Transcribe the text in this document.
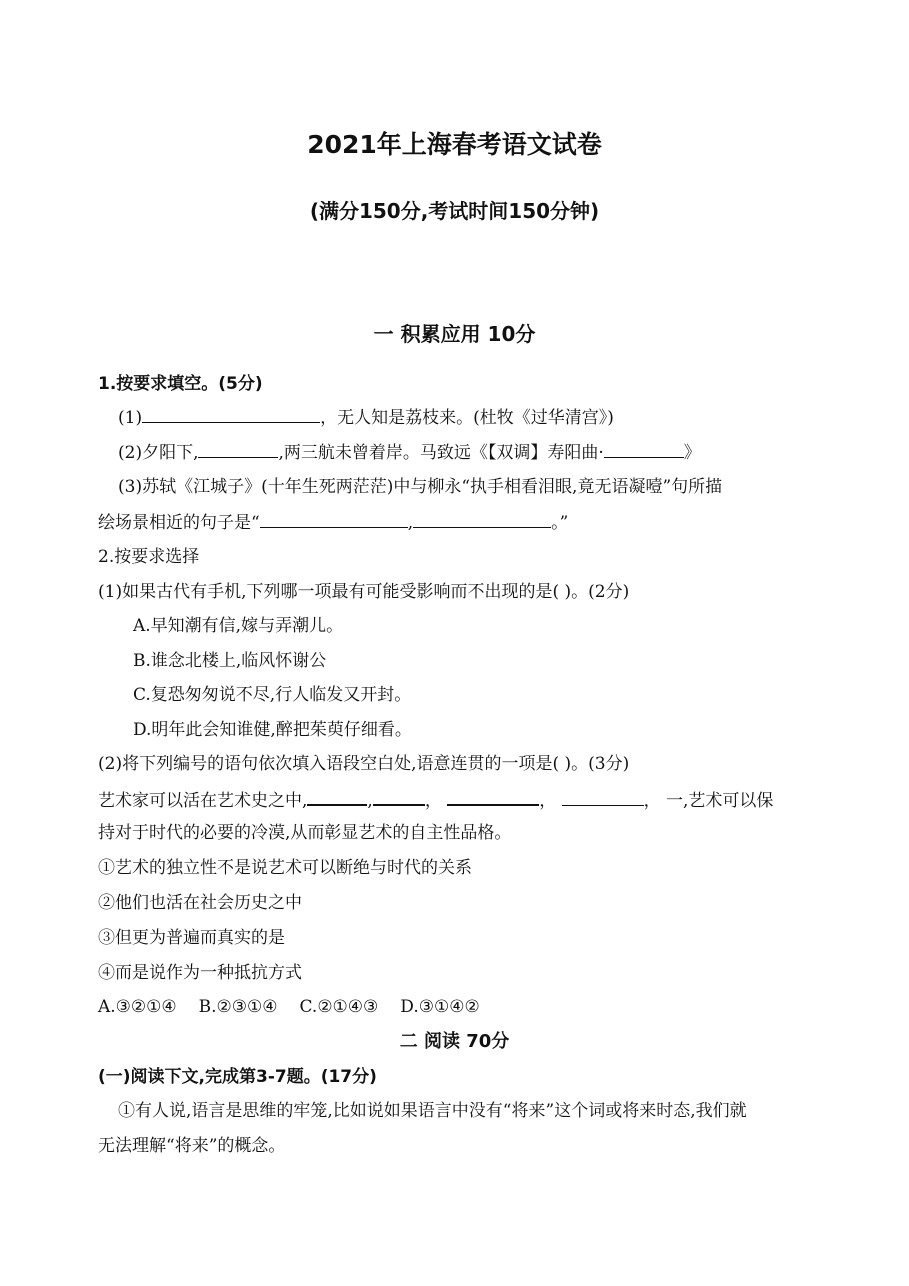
2021年上海春考语文试卷
(满分150分,考试时间150分钟)
一 积累应用 10分
1.按要求填空。(5分)
(1)	，无人知是荔枝来。(杜牧《过华清宫》)
(2)夕阳下,	,两三航未曾着岸。马致远《【双调】寿阳曲·	》
(3)苏轼《江城子》(十年生死两茫茫)中与柳永“执手相看泪眼,竟无语凝噎”句所描
绘场景相近的句子是“	,	。”
2.按要求选择
(1)如果古代有手机,下列哪一项最有可能受影响而不出现的是( )。(2分)
A.早知潮有信,嫁与弄潮儿。
B.谁念北楼上,临风怀谢公
C.复恐匆匆说不尽,行人临发又开封。
D.明年此会知谁健,醉把茱萸仔细看。
(2)将下列编号的语句依次填入语段空白处,语意连贯的一项是( )。(3分)
艺术家可以活在艺术史之中,	,	，	，	， 一,艺术可以保
持对于时代的必要的冷漠,从而彰显艺术的自主性品格。
①艺术的独立性不是说艺术可以断绝与时代的关系
②他们也活在社会历史之中
③但更为普遍而真实的是
④而是说作为一种抵抗方式
A.③②①④ B.②③①④ C.②①④③ D.③①④②
二 阅读 70分
(一)阅读下文,完成第3-7题。(17分)
①有人说,语言是思维的牢笼,比如说如果语言中没有“将来”这个词或将来时态,我们就
无法理解“将来”的概念。
